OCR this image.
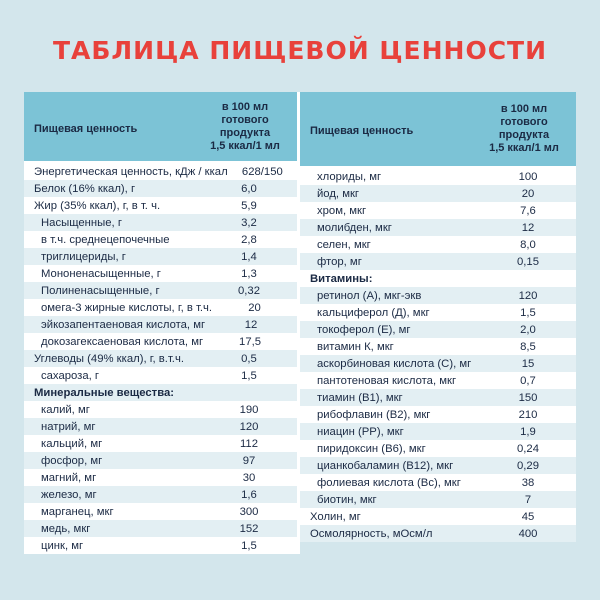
ТАБЛИЦА ПИЩЕВОЙ ЦЕННОСТИ
Пищевая ценность
в 100 мл
готового
продукта
1,5 ккал/1 мл
Энергетическая ценность, кДж / ккал	628/150
Белок (16% ккал), г	6,0
Жир (35% ккал), г, в т. ч.	5,9
Насыщенные, г	3,2
в т.ч. среднецепочечные	2,8
триглицериды, г	1,4
Мононенасыщенные, г	1,3
Полиненасыщенные, г	0,32
омега-3 жирные кислоты, г, в т.ч.	20
эйкозапентаеновая кислота, мг	12
докозагексаеновая кислота, мг	17,5
Углеводы (49% ккал), г, в.т.ч.	0,5
сахароза, г	1,5
Минеральные вещества:
калий, мг	190
натрий, мг	120
кальций, мг	112
фосфор, мг	97
магний, мг	30
железо, мг	1,6
марганец, мкг	300
медь, мкг	152
цинк, мг	1,5
Пищевая ценность
в 100 мл
готового
продукта
1,5 ккал/1 мл
хлориды, мг	100
йод, мкг	20
хром, мкг	7,6
молибден, мкг	12
селен, мкг	8,0
фтор, мг	0,15
Витамины:
ретинол (А), мкг-экв	120
кальциферол (Д), мкг	1,5
токоферол (Е), мг	2,0
витамин К, мкг	8,5
аскорбиновая кислота (С), мг	15
пантотеновая кислота, мкг	0,7
тиамин (В1), мкг	150
рибофлавин (В2), мкг	210
ниацин (РР), мкг	1,9
пиридоксин (В6), мкг	0,24
цианкобаламин (В12), мкг	0,29
фолиевая кислота (Вс), мкг	38
биотин, мкг	7
Холин, мг	45
Осмолярность, мОсм/л	400
